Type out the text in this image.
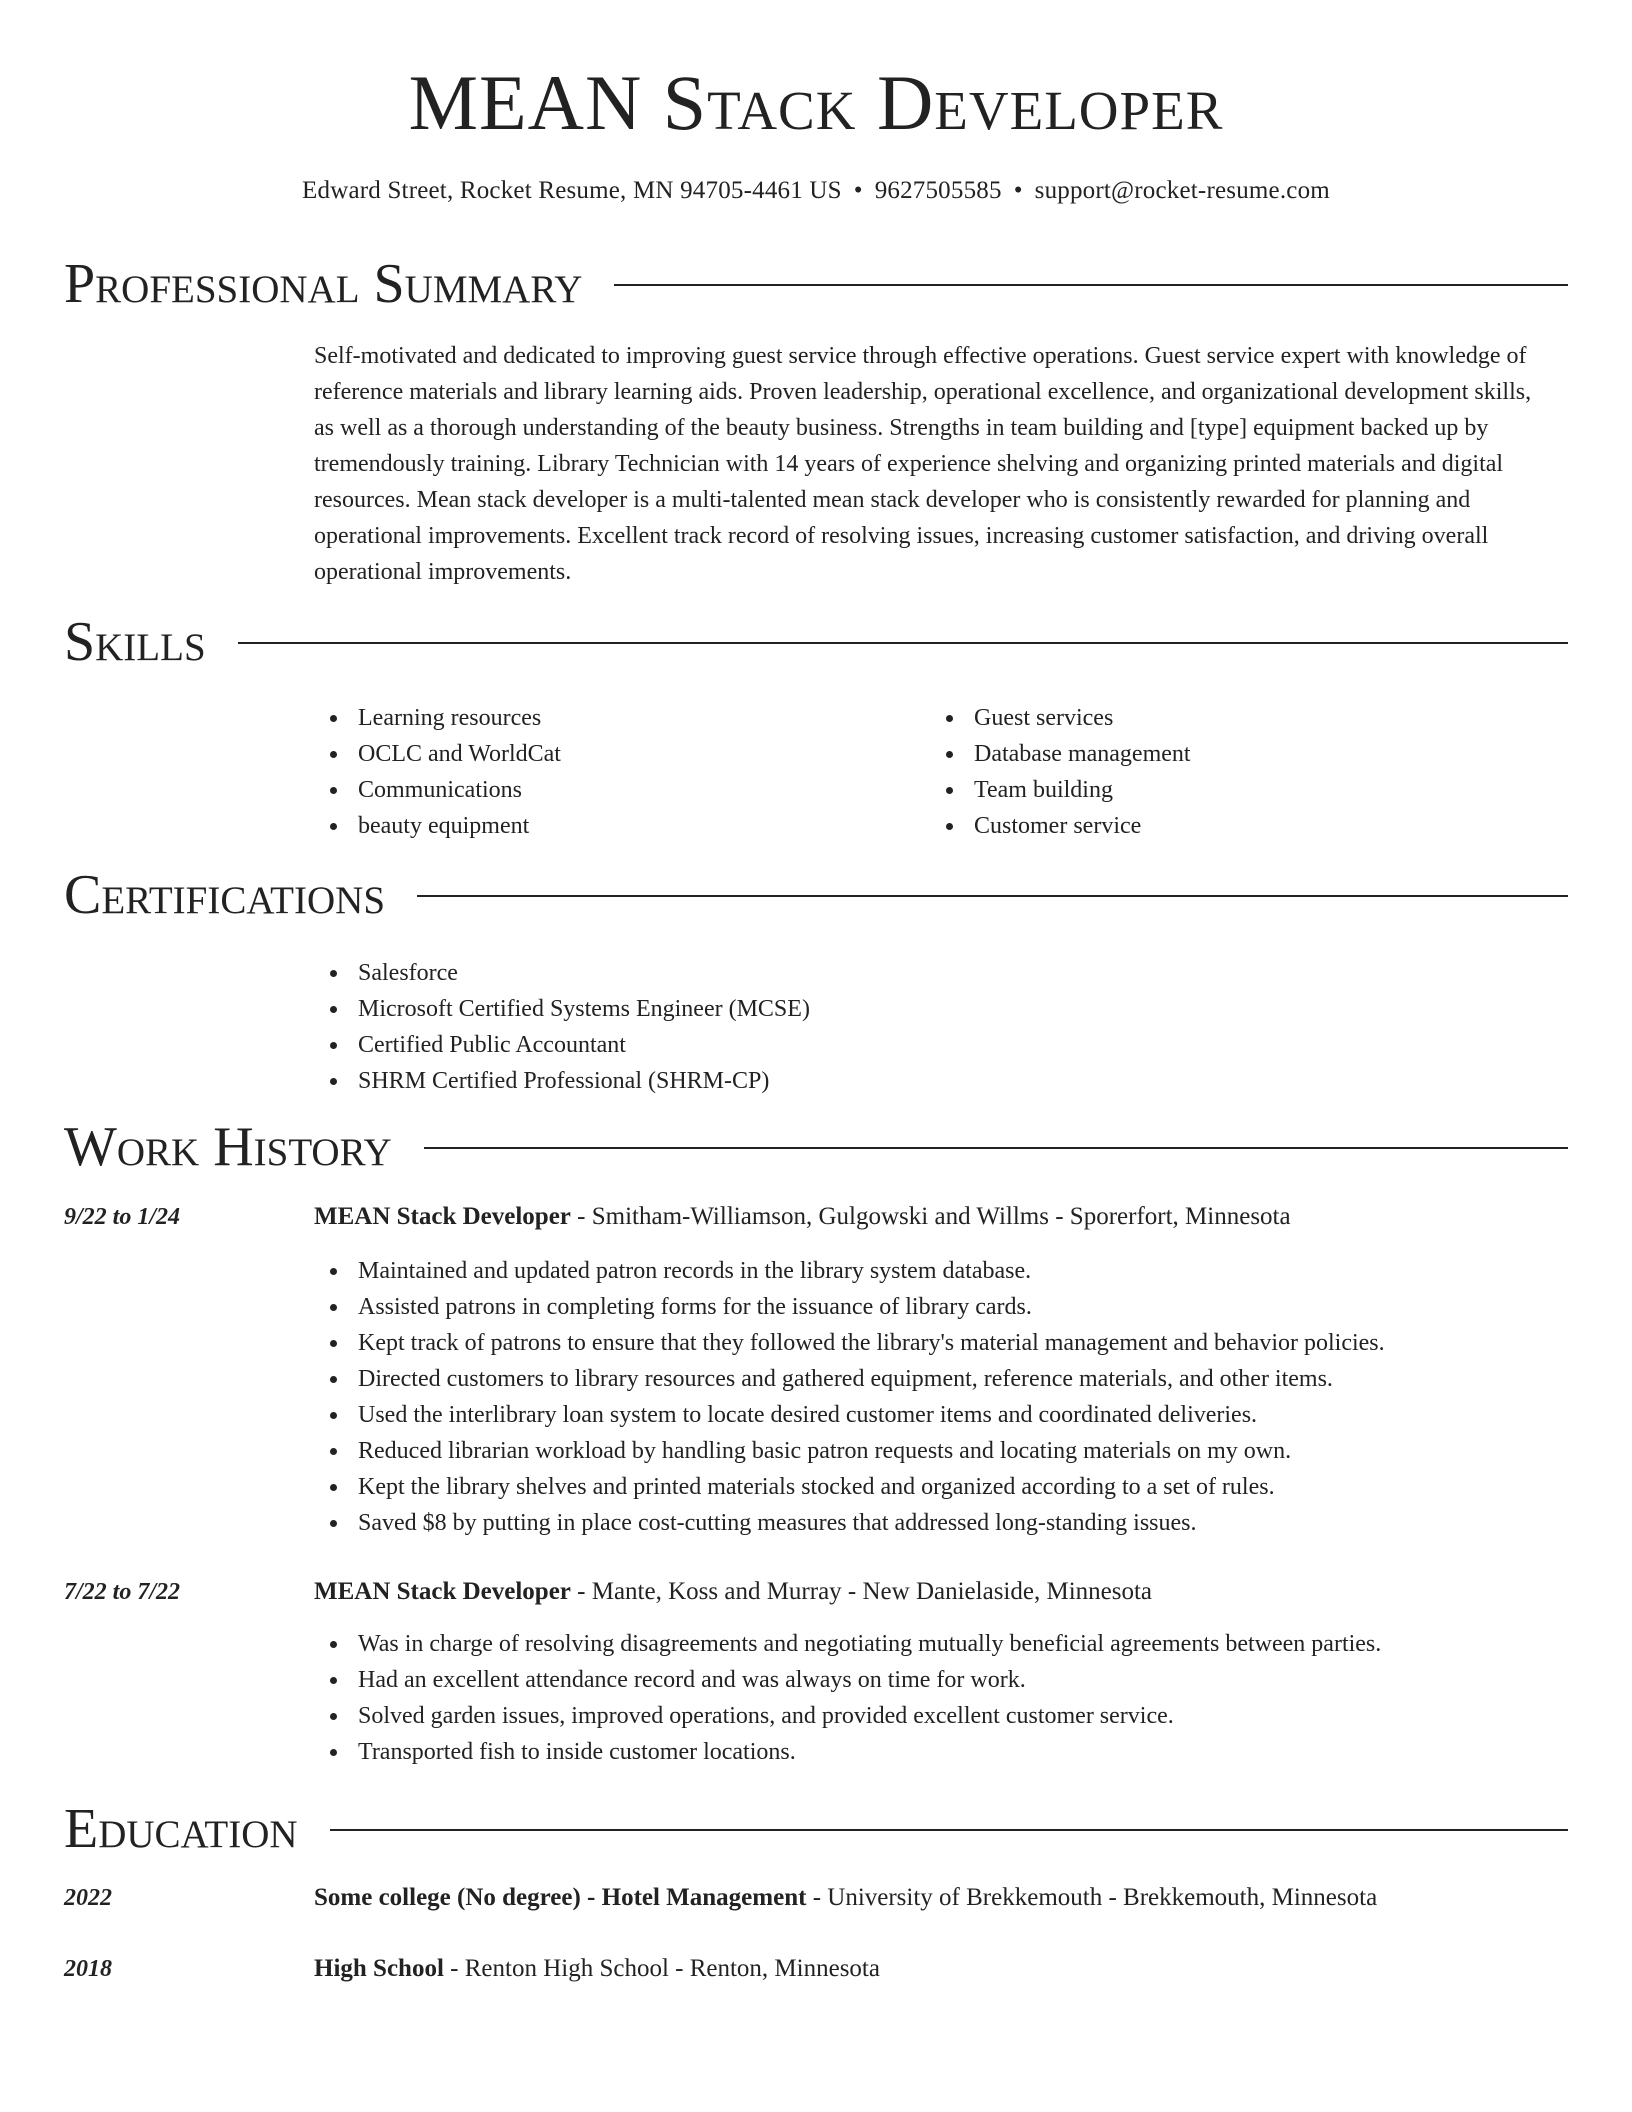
MEAN Stack Developer
Edward Street, Rocket Resume, MN 94705-4461 US • 9627505585 • support@rocket-resume.com
Professional Summary
Self-motivated and dedicated to improving guest service through effective operations. Guest service expert with knowledge of reference materials and library learning aids. Proven leadership, operational excellence, and organizational development skills, as well as a thorough understanding of the beauty business. Strengths in team building and [type] equipment backed up by tremendously training. Library Technician with 14 years of experience shelving and organizing printed materials and digital resources. Mean stack developer is a multi-talented mean stack developer who is consistently rewarded for planning and operational improvements. Excellent track record of resolving issues, increasing customer satisfaction, and driving overall operational improvements.
Skills
Learning resources
OCLC and WorldCat
Communications
beauty equipment
Guest services
Database management
Team building
Customer service
Certifications
Salesforce
Microsoft Certified Systems Engineer (MCSE)
Certified Public Accountant
SHRM Certified Professional (SHRM-CP)
Work History
9/22 to 1/24	MEAN Stack Developer - Smitham-Williamson, Gulgowski and Willms - Sporerfort, Minnesota
Maintained and updated patron records in the library system database.
Assisted patrons in completing forms for the issuance of library cards.
Kept track of patrons to ensure that they followed the library's material management and behavior policies.
Directed customers to library resources and gathered equipment, reference materials, and other items.
Used the interlibrary loan system to locate desired customer items and coordinated deliveries.
Reduced librarian workload by handling basic patron requests and locating materials on my own.
Kept the library shelves and printed materials stocked and organized according to a set of rules.
Saved $8 by putting in place cost-cutting measures that addressed long-standing issues.
7/22 to 7/22	MEAN Stack Developer - Mante, Koss and Murray - New Danielaside, Minnesota
Was in charge of resolving disagreements and negotiating mutually beneficial agreements between parties.
Had an excellent attendance record and was always on time for work.
Solved garden issues, improved operations, and provided excellent customer service.
Transported fish to inside customer locations.
Education
2022	Some college (No degree) - Hotel Management - University of Brekkemouth - Brekkemouth, Minnesota
2018	High School - Renton High School - Renton, Minnesota
